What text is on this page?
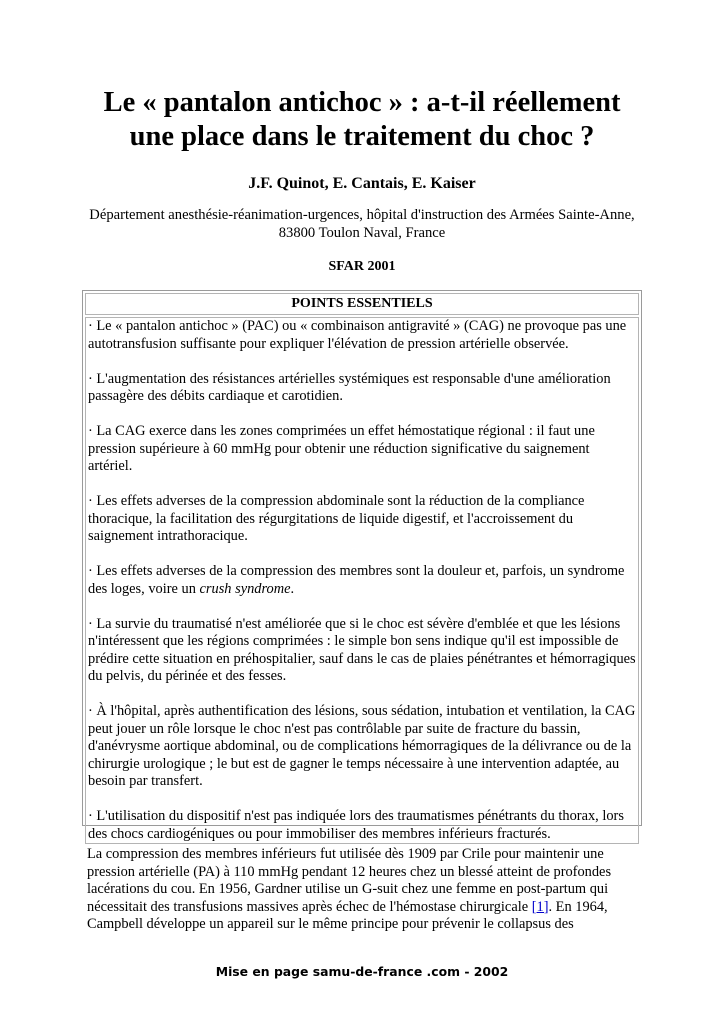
Le « pantalon antichoc » : a-t-il réellement
une place dans le traitement du choc ?
J.F. Quinot, E. Cantais, E. Kaiser
Département anesthésie-réanimation-urgences, hôpital d'instruction des Armées Sainte-Anne,
83800 Toulon Naval, France
SFAR 2001
POINTS ESSENTIELS

· Le « pantalon antichoc » (PAC) ou « combinaison antigravité » (CAG) ne provoque pas une autotransfusion suffisante pour expliquer l'élévation de pression artérielle observée.

· L'augmentation des résistances artérielles systémiques est responsable d'une amélioration passagère des débits cardiaque et carotidien.

· La CAG exerce dans les zones comprimées un effet hémostatique régional : il faut une pression supérieure à 60 mmHg pour obtenir une réduction significative du saignement artériel.

· Les effets adverses de la compression abdominale sont la réduction de la compliance thoracique, la facilitation des régurgitations de liquide digestif, et l'accroissement du saignement intrathoracique.

· Les effets adverses de la compression des membres sont la douleur et, parfois, un syndrome des loges, voire un crush syndrome.

· La survie du traumatisé n'est améliorée que si le choc est sévère d'emblée et que les lésions n'intéressent que les régions comprimées : le simple bon sens indique qu'il est impossible de prédire cette situation en préhospitalier, sauf dans le cas de plaies pénétrantes et hémorragiques du pelvis, du périnée et des fesses.

· À l'hôpital, après authentification des lésions, sous sédation, intubation et ventilation, la CAG peut jouer un rôle lorsque le choc n'est pas contrôlable par suite de fracture du bassin, d'anévrysme aortique abdominal, ou de complications hémorragiques de la délivrance ou de la chirurgie urologique ; le but est de gagner le temps nécessaire à une intervention adaptée, au besoin par transfert.

· L'utilisation du dispositif n'est pas indiquée lors des traumatismes pénétrants du thorax, lors des chocs cardiogéniques ou pour immobiliser des membres inférieurs fracturés.

La compression des membres inférieurs fut utilisée dès 1909 par Crile pour maintenir une pression artérielle (PA) à 110 mmHg pendant 12 heures chez un blessé atteint de profondes lacérations du cou. En 1956, Gardner utilise un G-suit chez une femme en post-partum qui nécessitait des transfusions massives après échec de l'hémostase chirurgicale [1]. En 1964, Campbell développe un appareil sur le même principe pour prévenir le collapsus des

Mise en page samu-de-france .com - 2002
